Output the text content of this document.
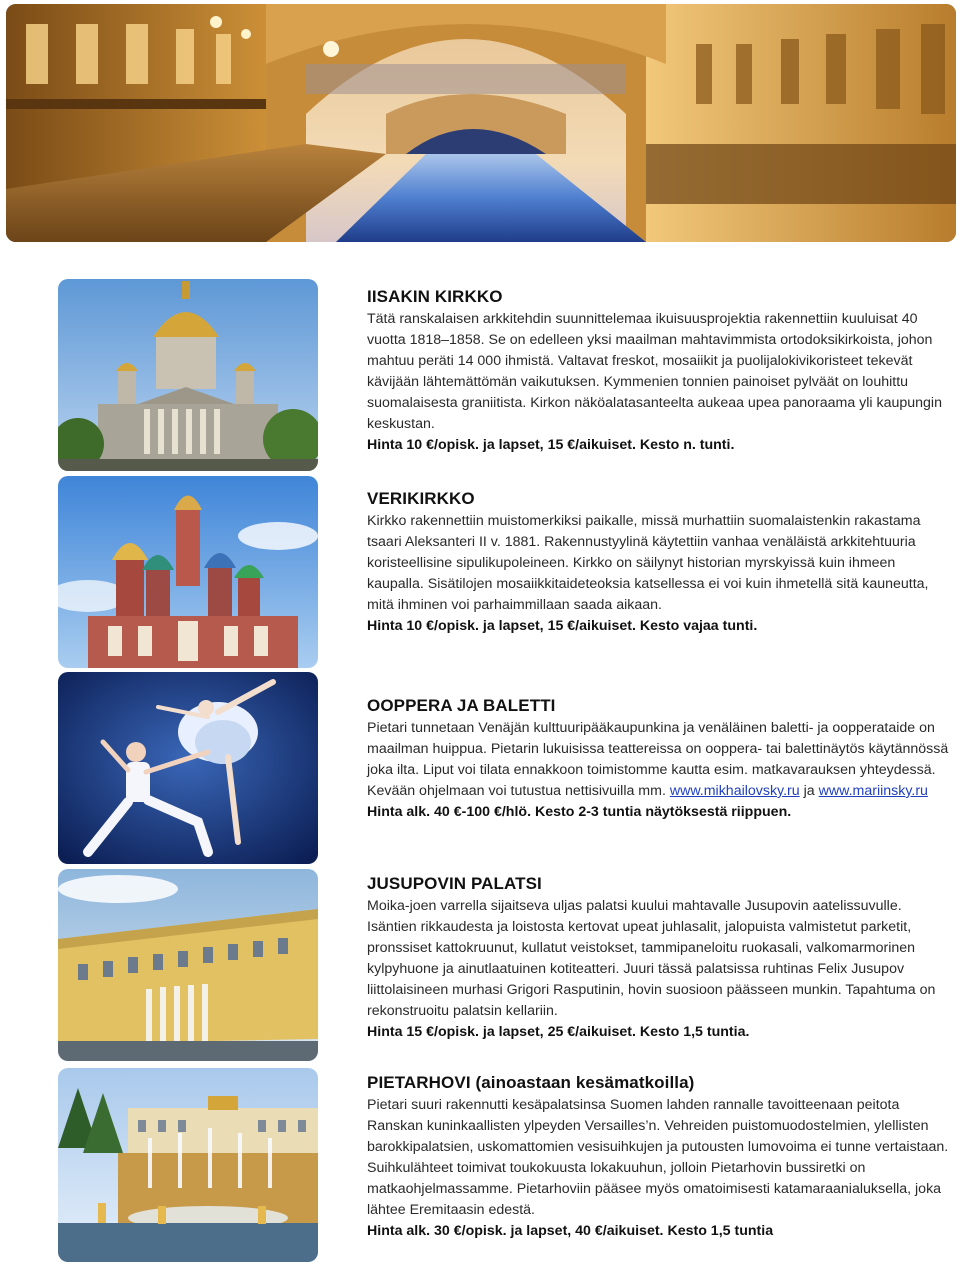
IISAKIN KIRKKO

Tätä ranskalaisen arkkitehdin suunnittelemaa ikuisuusprojektia rakennettiin kuuluisat 40 vuotta 1818–1858. Se on edelleen yksi maailman mahtavimmista ortodoksikirkoista, johon mahtuu peräti 14 000 ihmistä. Valtavat freskot, mosaiikit ja puolijalokivikoristeet tekevät kävijään lähtemättömän vaikutuksen. Kymmenien tonnien painoiset pylväät on louhittu suomalaisesta graniitista. Kirkon näköalatasanteelta aukeaa upea panoraama yli kaupungin keskustan.
Hinta 10 €/opisk. ja lapset, 15 €/aikuiset. Kesto n. tunti.

VERIKIRKKO

Kirkko rakennettiin muistomerkiksi paikalle, missä murhattiin suomalaistenkin rakastama tsaari Aleksanteri II v. 1881. Rakennustyylinä käytettiin vanhaa venäläistä arkkitehtuuria koristeellisine sipulikupoleineen. Kirkko on säilynyt historian myrskyissä kuin ihmeen kaupalla. Sisätilojen mosaiikkitaideteoksia katsellessa ei voi kuin ihmetellä sitä kauneutta, mitä ihminen voi parhaimmillaan saada aikaan.
Hinta 10 €/opisk. ja lapset, 15 €/aikuiset. Kesto vajaa tunti.

OOPPERA JA BALETTI

Pietari tunnetaan Venäjän kulttuuripääkaupunkina ja venäläinen baletti- ja oopperataide on maailman huippua. Pietarin lukuisissa teattereissa on ooppera- tai balettinäytös käytännössä joka ilta. Liput voi tilata ennakkoon toimistomme kautta esim. matkavarauksen yhteydessä. Kevään ohjelmaan voi tutustua nettisivuilla mm. www.mikhailovsky.ru ja www.mariinsky.ru
Hinta alk. 40 €-100 €/hlö. Kesto 2-3 tuntia näytöksestä riippuen.

JUSUPOVIN PALATSI

Moika-joen varrella sijaitseva uljas palatsi kuului mahtavalle Jusupovin aatelissuvulle. Isäntien rikkaudesta ja loistosta kertovat upeat juhlasalit, jalopuista valmistetut parketit, pronssiset kattokruunut, kullatut veistokset, tammipaneloitu ruokasali, valkomarmorinen kylpyhuone ja ainutlaatuinen kotiteatteri. Juuri tässä palatsissa ruhtinas Felix Jusupov liittolaisineen murhasi Grigori Rasputinin, hovin suosioon päässeen munkin. Tapahtuma on rekonstruoitu palatsin kellariin.
Hinta 15 €/opisk. ja lapset, 25 €/aikuiset. Kesto 1,5 tuntia.

PIETARHOVI (ainoastaan kesämatkoilla)

Pietari suuri rakennutti kesäpalatsinsa Suomen lahden rannalle tavoitteenaan peitota Ranskan kuninkaallisten ylpeyden Versailles’n. Vehreiden puistomuodostelmien, ylellisten barokkipalatsien, uskomattomien vesisuihkujen ja putousten lumovoima ei tunne vertaistaan. Suihkulähteet toimivat toukokuusta lokakuuhun, jolloin Pietarhovin bussiretki on matkaohjelmassamme. Pietarhoviin pääsee myös omatoimisesti katamaraanialuksella, joka lähtee Eremitaasin edestä.
Hinta alk. 30 €/opisk. ja lapset, 40 €/aikuiset. Kesto 1,5 tuntia
